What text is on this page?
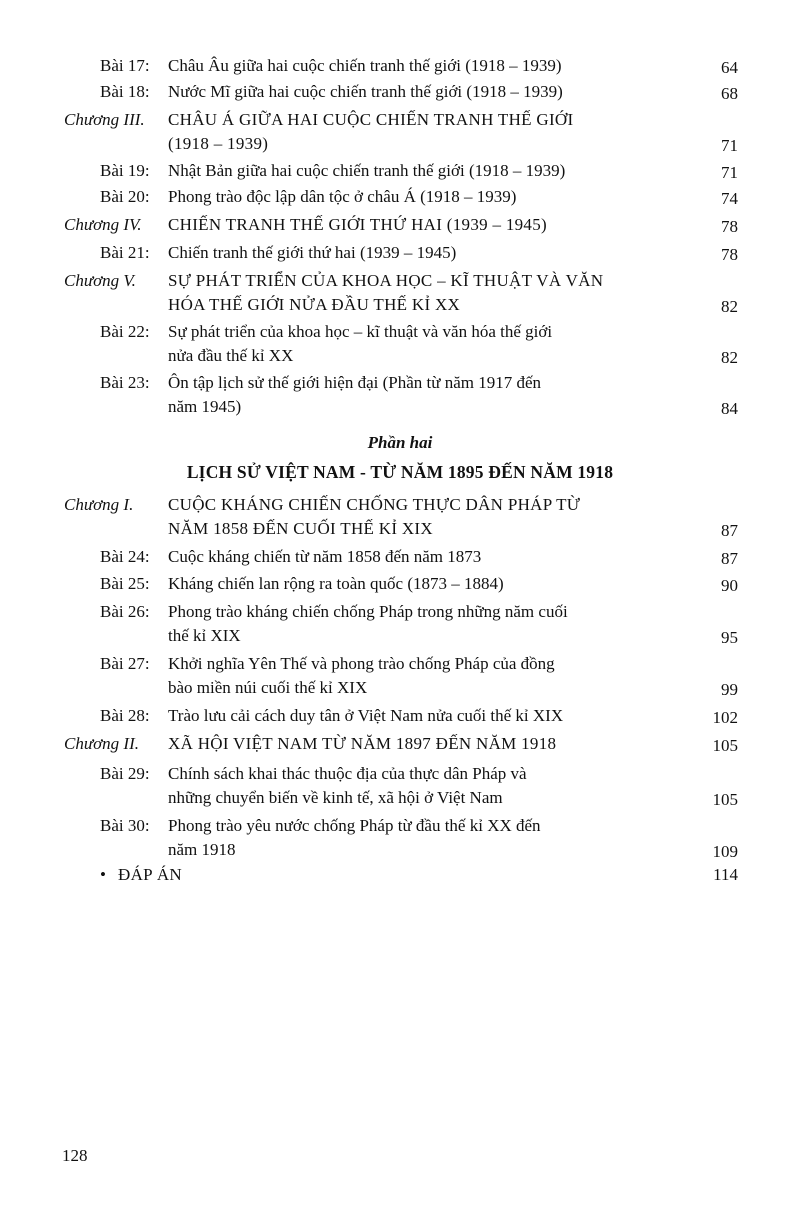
Bài 17: Châu Âu giữa hai cuộc chiến tranh thế giới (1918 – 1939)	64
Bài 18: Nước Mĩ giữa hai cuộc chiến tranh thế giới (1918 – 1939)	68
Chương III. CHÂU Á GIỮA HAI CUỘC CHIẾN TRANH THẾ GIỚI
(1918 – 1939)	71
Bài 19: Nhật Bản giữa hai cuộc chiến tranh thế giới (1918 – 1939)	71
Bài 20: Phong trào độc lập dân tộc ở châu Á (1918 – 1939)	74
Chương IV. CHIẾN TRANH THẾ GIỚI THỨ HAI (1939 – 1945)	78
Bài 21: Chiến tranh thế giới thứ hai (1939 – 1945)	78
Chương V. SỰ PHÁT TRIỂN CỦA KHOA HỌC – KĨ THUẬT VÀ VĂN
HÓA THẾ GIỚI NỬA ĐẦU THẾ KỈ XX	82
Bài 22: Sự phát triển của khoa học – kĩ thuật và văn hóa thế giới
nửa đầu thế kỉ XX	82
Bài 23: Ôn tập lịch sử thế giới hiện đại (Phần từ năm 1917 đến
năm 1945)	84
Phần hai
LỊCH SỬ VIỆT NAM - TỪ NĂM 1895 ĐẾN NĂM 1918
Chương I. CUỘC KHÁNG CHIẾN CHỐNG THỰC DÂN PHÁP TỪ
NĂM 1858 ĐẾN CUỐI THẾ KỈ XIX	87
Bài 24: Cuộc kháng chiến từ năm 1858 đến năm 1873	87
Bài 25: Kháng chiến lan rộng ra toàn quốc (1873 – 1884)	90
Bài 26: Phong trào kháng chiến chống Pháp trong những năm cuối
thế kỉ XIX	95
Bài 27: Khởi nghĩa Yên Thế và phong trào chống Pháp của đồng
bào miền núi cuối thế kỉ XIX	99
Bài 28: Trào lưu cải cách duy tân ở Việt Nam nửa cuối thế kỉ XIX	102
Chương II. XÃ HỘI VIỆT NAM TỪ NĂM 1897 ĐẾN NĂM 1918	105
Bài 29: Chính sách khai thác thuộc địa của thực dân Pháp và
những chuyển biến về kinh tế, xã hội ở Việt Nam	105
Bài 30: Phong trào yêu nước chống Pháp từ đầu thế kỉ XX đến
năm 1918	109
• ĐÁP ÁN	114
128
